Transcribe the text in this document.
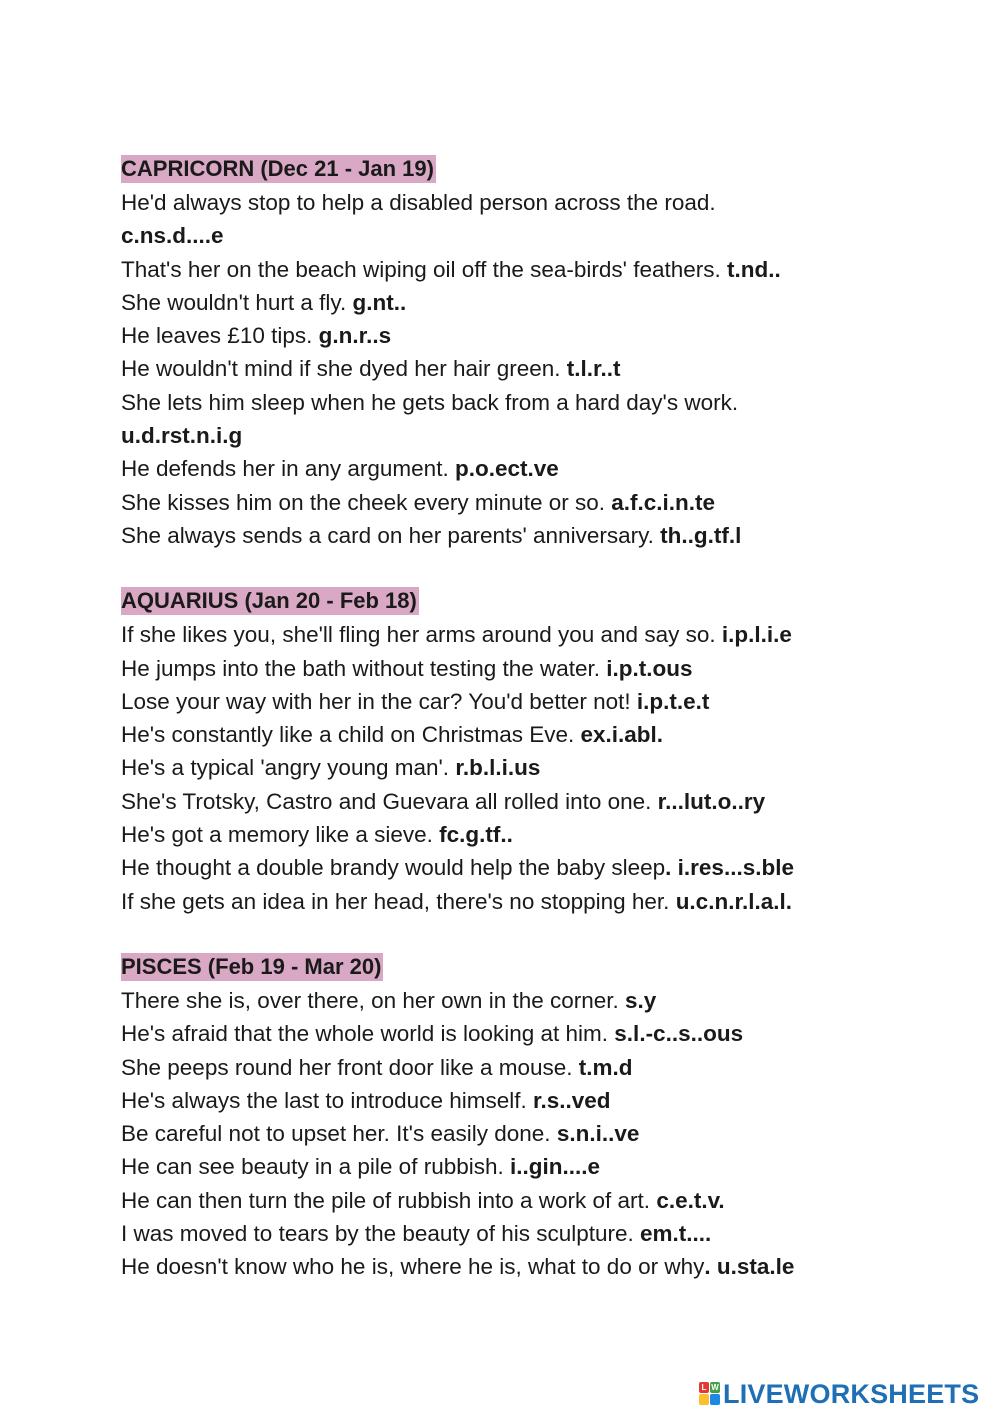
CAPRICORN (Dec 21 - Jan 19)
He'd always stop to help a disabled person across the road.
c.ns.d....e
That's her on the beach wiping oil off the sea-birds' feathers. t.nd..
She wouldn't hurt a fly. g.nt..
He leaves £10 tips. g.n.r..s
He wouldn't mind if she dyed her hair green. t.l.r..t
She lets him sleep when he gets back from a hard day's work.
u.d.rst.n.i.g
He defends her in any argument. p.o.ect.ve
She kisses him on the cheek every minute or so. a.f.c.i.n.te
She always sends a card on her parents' anniversary. th..g.tf.l
AQUARIUS (Jan 20 - Feb 18)
If she likes you, she'll fling her arms around you and say so. i.p.l.i.e
He jumps into the bath without testing the water. i.p.t.ous
Lose your way with her in the car? You'd better not! i.p.t.e.t
He's constantly like a child on Christmas Eve. ex.i.abl.
He's a typical 'angry young man'. r.b.l.i.us
She's Trotsky, Castro and Guevara all rolled into one. r...lut.o..ry
He's got a memory like a sieve. fc.g.tf..
He thought a double brandy would help the baby sleep. i.res...s.ble
If she gets an idea in her head, there's no stopping her. u.c.n.r.l.a.l.
PISCES (Feb 19 - Mar 20)
There she is, over there, on her own in the corner. s.y
He's afraid that the whole world is looking at him. s.l.-c..s..ous
She peeps round her front door like a mouse. t.m.d
He's always the last to introduce himself. r.s..ved
Be careful not to upset her. It's easily done. s.n.i..ve
He can see beauty in a pile of rubbish. i..gin....e
He can then turn the pile of rubbish into a work of art. c.e.t.v.
I was moved to tears by the beauty of his sculpture. em.t....
He doesn't know who he is, where he is, what to do or why. u.sta.le
L W LIVEWORKSHEETS
